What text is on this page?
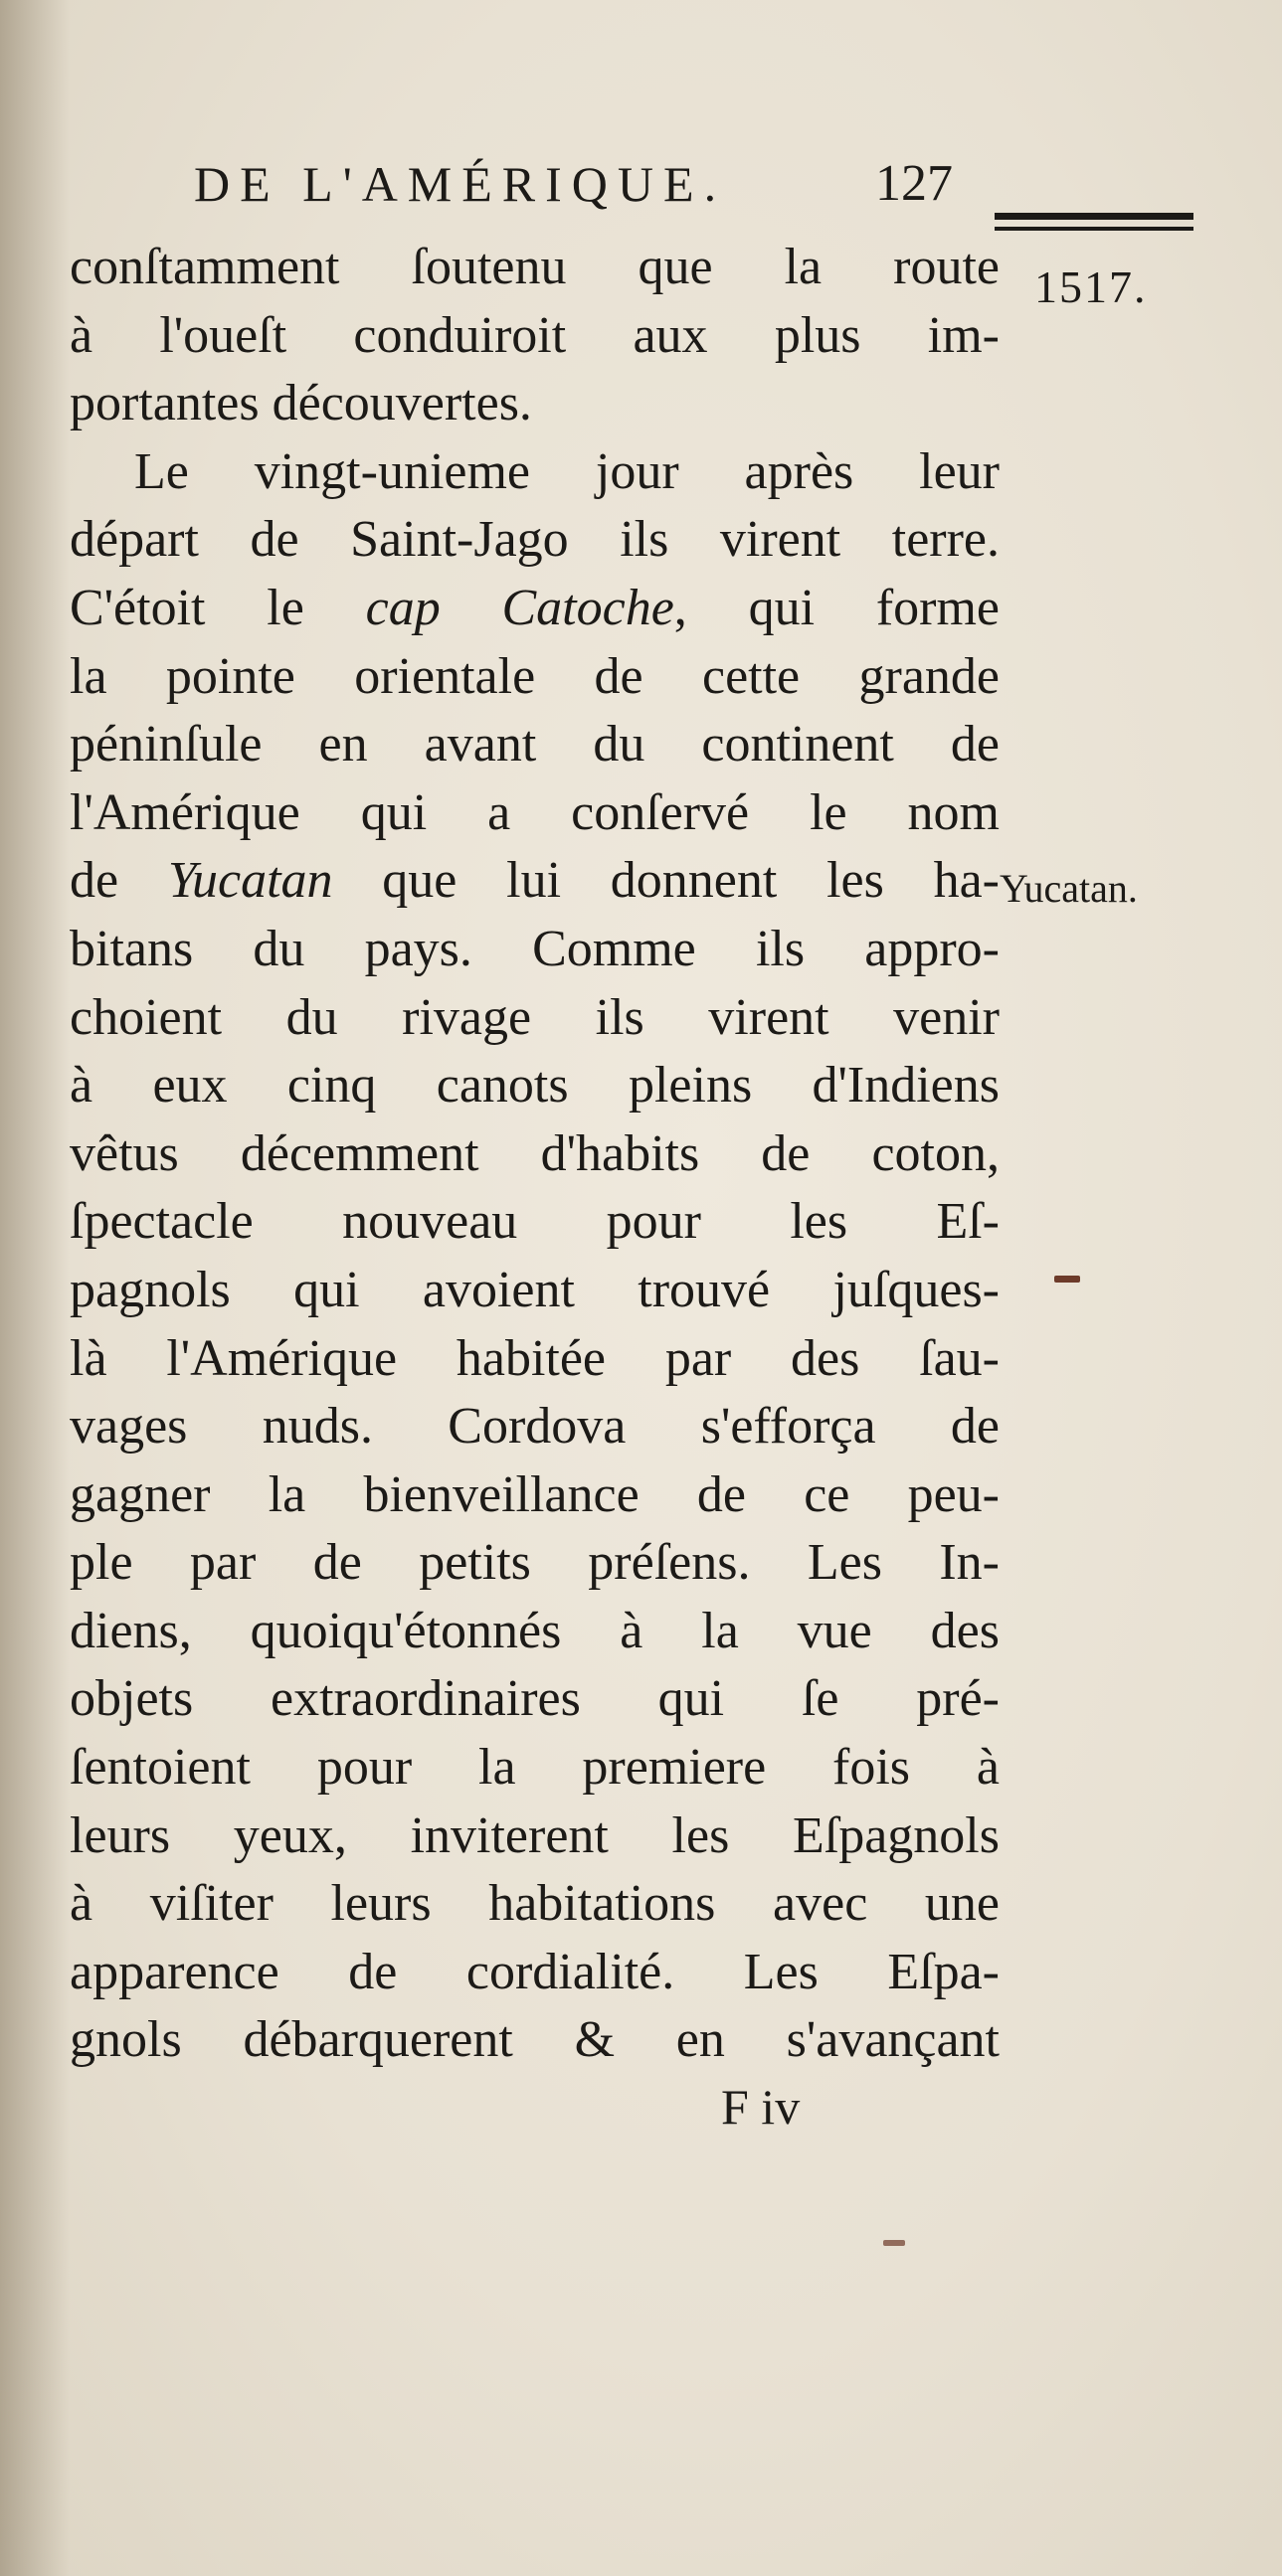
DE L'AMÉRIQUE.	127
1517.
Yucatan.
conſtamment ſoutenu que la route
à l'oueſt conduiroit aux plus im-
portantes découvertes.
Le vingt-unieme jour après leur
départ de Saint-Jago ils virent terre.
C'étoit le cap Catoche, qui forme
la pointe orientale de cette grande
péninſule en avant du continent de
l'Amérique qui a conſervé le nom
de Yucatan que lui donnent les ha-
bitans du pays. Comme ils appro-
choient du rivage ils virent venir
à eux cinq canots pleins d'Indiens
vêtus décemment d'habits de coton,
ſpectacle nouveau pour les Eſ-
pagnols qui avoient trouvé juſques-
là l'Amérique habitée par des ſau-
vages nuds. Cordova s'efforça de
gagner la bienveillance de ce peu-
ple par de petits préſens. Les In-
diens, quoiqu'étonnés à la vue des
objets extraordinaires qui ſe pré-
ſentoient pour la premiere fois à
leurs yeux, inviterent les Eſpagnols
à viſiter leurs habitations avec une
apparence de cordialité. Les Eſpa-
gnols débarquerent & en s'avançant
F iv
